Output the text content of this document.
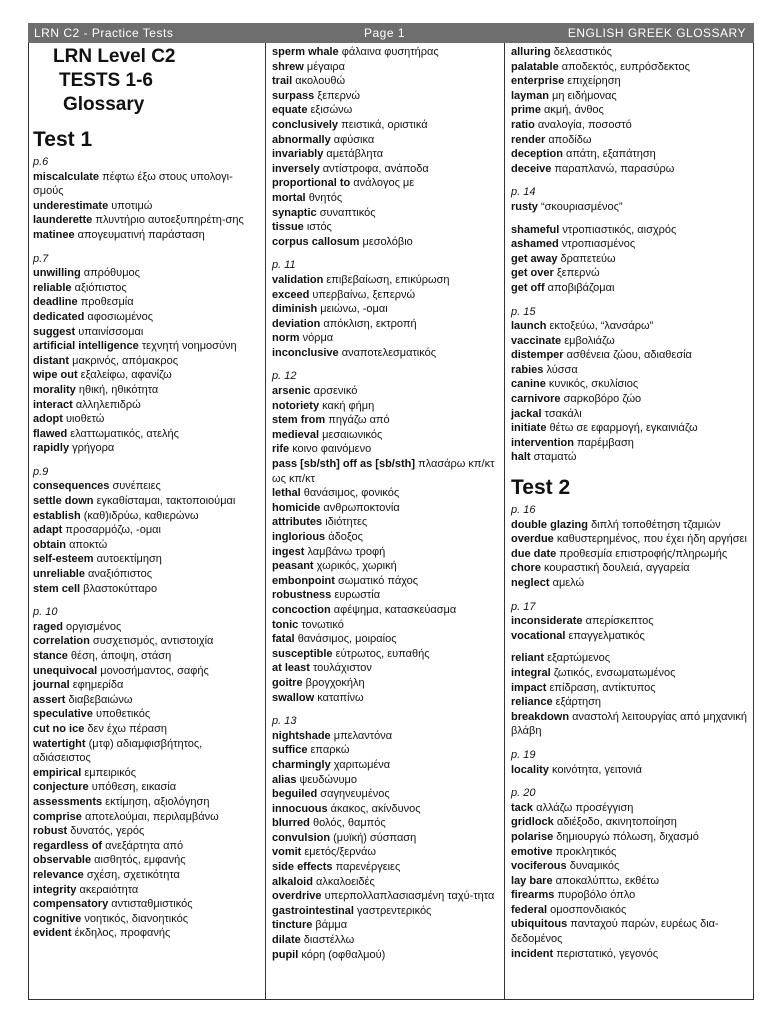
LRN C2 - Practice Tests	Page 1	ENGLISH GREEK GLOSSARY
LRN Level C2
TESTS 1-6
Glossary
Test 1
p.6
miscalculate πέφτω έξω στους υπολογι-σμούς
underestimate υποτιμώ
launderette πλυντήριο αυτοεξυπηρέτη-σης
matinee απογευματινή παράσταση
p.7
unwilling απρόθυμος
reliable αξιόπιστος
deadline προθεσμία
dedicated αφοσιωμένος
suggest υπαινίσσομαι
artificial intelligence τεχνητή νοημοσύνη
distant μακρινός, απόμακρος
wipe out εξαλείφω, αφανίζω
morality ηθική, ηθικότητα
interact αλληλεπιδρώ
adopt υιοθετώ
flawed ελαττωματικός, ατελής
rapidly γρήγορα
p.9
consequences συνέπειες
settle down εγκαθίσταμαι, τακτοποιούμαι
establish (καθ)ιδρύω, καθιερώνω
adapt προσαρμόζω, -ομαι
obtain αποκτώ
self-esteem αυτοεκτίμηση
unreliable αναξιόπιστος
stem cell βλαστοκύτταρο
p. 10
raged οργισμένος
correlation συσχετισμός, αντιστοιχία
stance θέση, άποψη, στάση
unequivocal μονοσήμαντος, σαφής
journal εφημερίδα
assert διαβεβαιώνω
speculative υποθετικός
cut no ice δεν έχω πέραση
watertight (μτφ) αδιαμφισβήτητος, αδιάσειστος
empirical εμπειρικός
conjecture υπόθεση, εικασία
assessments εκτίμηση, αξιολόγηση
comprise αποτελούμαι, περιλαμβάνω
robust δυνατός, γερός
regardless of ανεξάρτητα από
observable αισθητός, εμφανής
relevance σχέση, σχετικότητα
integrity ακεραιότητα
compensatory αντισταθμιστικός
cognitive νοητικός, διανοητικός
evident έκδηλος, προφανής
sperm whale φάλαινα φυσητήρας
shrew μέγαιρα
trail ακολουθώ
surpass ξεπερνώ
equate εξισώνω
conclusively πειστικά, οριστικά
abnormally αφύσικα
invariably αμετάβλητα
inversely αντίστροφα, ανάποδα
proportional to ανάλογος με
mortal θνητός
synaptic συναπτικός
tissue ιστός
corpus callosum μεσολόβιο
p. 11
validation επιβεβαίωση, επικύρωση
exceed υπερβαίνω, ξεπερνώ
diminish μειώνω, -ομαι
deviation απόκλιση, εκτροπή
norm νόρμα
inconclusive αναποτελεσματικός
p. 12
arsenic αρσενικό
notoriety κακή φήμη
stem from πηγάζω από
medieval μεσαιωνικός
rife κοινο φαινόμενο
pass [sb/sth] off as [sb/sth] πλασάρω κπ/κτ ως κπ/κτ
lethal θανάσιμος, φονικός
homicide ανθρωποκτονία
attributes ιδιότητες
inglorious άδοξος
ingest λαμβάνω τροφή
peasant χωρικός, χωρική
embonpoint σωματικό πάχος
robustness ευρωστία
concoction αφέψημα, κατασκεύασμα
tonic τονωτικό
fatal θανάσιμος, μοιραίος
susceptible εύτρωτος, ευπαθής
at least τουλάχιστον
goitre βρογχοκήλη
swallow καταπίνω
p. 13
nightshade μπελαντόνα
suffice επαρκώ
charmingly χαριτωμένα
alias ψευδώνυμο
beguiled σαγηνευμένος
innocuous άκακος, ακίνδυνος
blurred θολός, θαμπός
convulsion (μυϊκή) σύσπαση
vomit εμετός/ξερνάω
side effects παρενέργειες
alkaloid αλκαλοειδές
overdrive υπερπολλαπλασιασμένη ταχύ-τητα
gastrointestinal γαστρεντερικός
tincture βάμμα
dilate διαστέλλω
pupil κόρη (οφθαλμού)
alluring δελεαστικός
palatable αποδεκτός, ευπρόσδεκτος
enterprise επιχείρηση
layman μη ειδήμονας
prime ακμή, άνθος
ratio αναλογία, ποσοστό
render αποδίδω
deception απάτη, εξαπάτηση
deceive παραπλανώ, παρασύρω
p. 14
rusty “σκουριασμένος”
shameful ντροπιαστικός, αισχρός
ashamed ντροπιασμένος
get away δραπετεύω
get over ξεπερνώ
get off αποβιβάζομαι
p. 15
launch εκτοξεύω, “λανσάρω”
vaccinate εμβολιάζω
distemper ασθένεια ζώου, αδιαθεσία
rabies λύσσα
canine κυνικός, σκυλίσιος
carnivore σαρκοβόρο ζώο
jackal τσακάλι
initiate θέτω σε εφαρμογή, εγκαινιάζω
intervention παρέμβαση
halt σταματώ
Test 2
p. 16
double glazing διπλή τοποθέτηση τζαμιών
overdue καθυστερημένος, που έχει ήδη αργήσει
due date προθεσμία επιστροφής/πληρωμής
chore κουραστική δουλειά, αγγαρεία
neglect αμελώ
p. 17
inconsiderate απερίσκεπτος
vocational επαγγελματικός
reliant εξαρτώμενος
integral ζωτικός, ενσωματωμένος
impact επίδραση, αντίκτυπος
reliance εξάρτηση
breakdown αναστολή λειτουργίας από μηχανική βλάβη
p. 19
locality κοινότητα, γειτονιά
p. 20
tack αλλάζω προσέγγιση
gridlock αδιέξοδο, ακινητοποίηση
polarise δημιουργώ πόλωση, διχασμό
emotive προκλητικός
vociferous δυναμικός
lay bare αποκαλύπτω, εκθέτω
firearms πυροβόλο όπλο
federal ομοσπονδιακός
ubiquitous πανταχού παρών, ευρέως δια-δεδομένος
incident περιστατικό, γεγονός
